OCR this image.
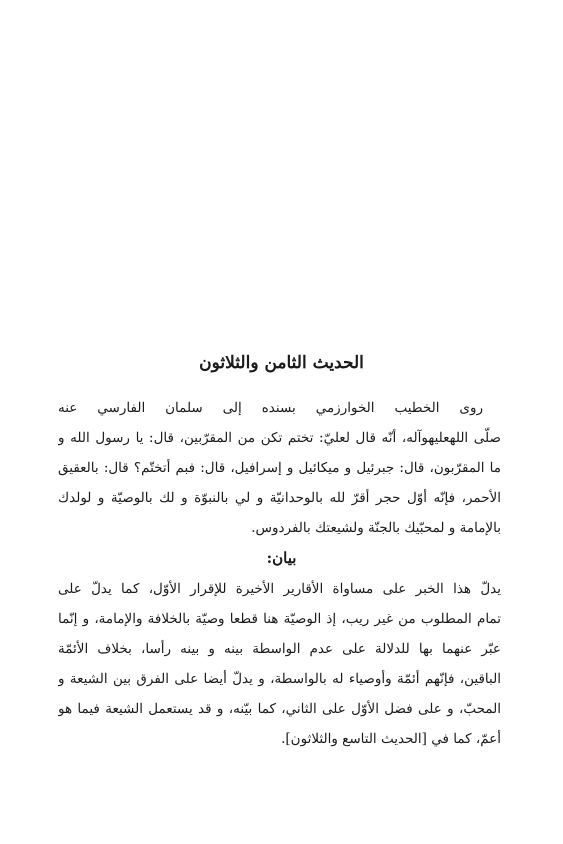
الحديث الثامن والثلاثون

روى الخطيب الخوارزمي بسنده إلى سلمان الفارسي عنه
صلّى اللهعليهوآله، أنّه قال لعليّ: تختم تكن من المقرّبين، قال: يا رسول الله و
ما المقرّبون، قال: جبرئيل و ميكائيل و إسرافيل، قال: فبم أتختّم؟ قال: بالعقيق
الأحمر، فإنّه أوّل حجر أقرّ لله بالوحدانيّة و لي بالنبوّة و لك بالوصيّة و لولدك
بالإمامة و لمحبّيك بالجنّة ولشيعتك بالفردوس.

بيان:

يدلّ هذا الخبر على مساواة الأقارير الأخيرة للإقرار الأوّل، كما يدلّ على
تمام المطلوب من غير ريب، إذ الوصيّة هنا قطعا وصيّة بالخلافة والإمامة، و إنّما
عبّر عنهما بها للدلالة على عدم الواسطة بينه و بينه رأسا، بخلاف الأئمّة
الباقين، فإنّهم أئمّة وأوصياء له بالواسطة، و يدلّ أيضا على الفرق بين الشيعة و
المحبّ، و على فضل الأوّل على الثاني، كما بيّنه، و قد يستعمل الشيعة فيما هو
أعمّ، كما في [الحديث التاسع والثلاثون].
